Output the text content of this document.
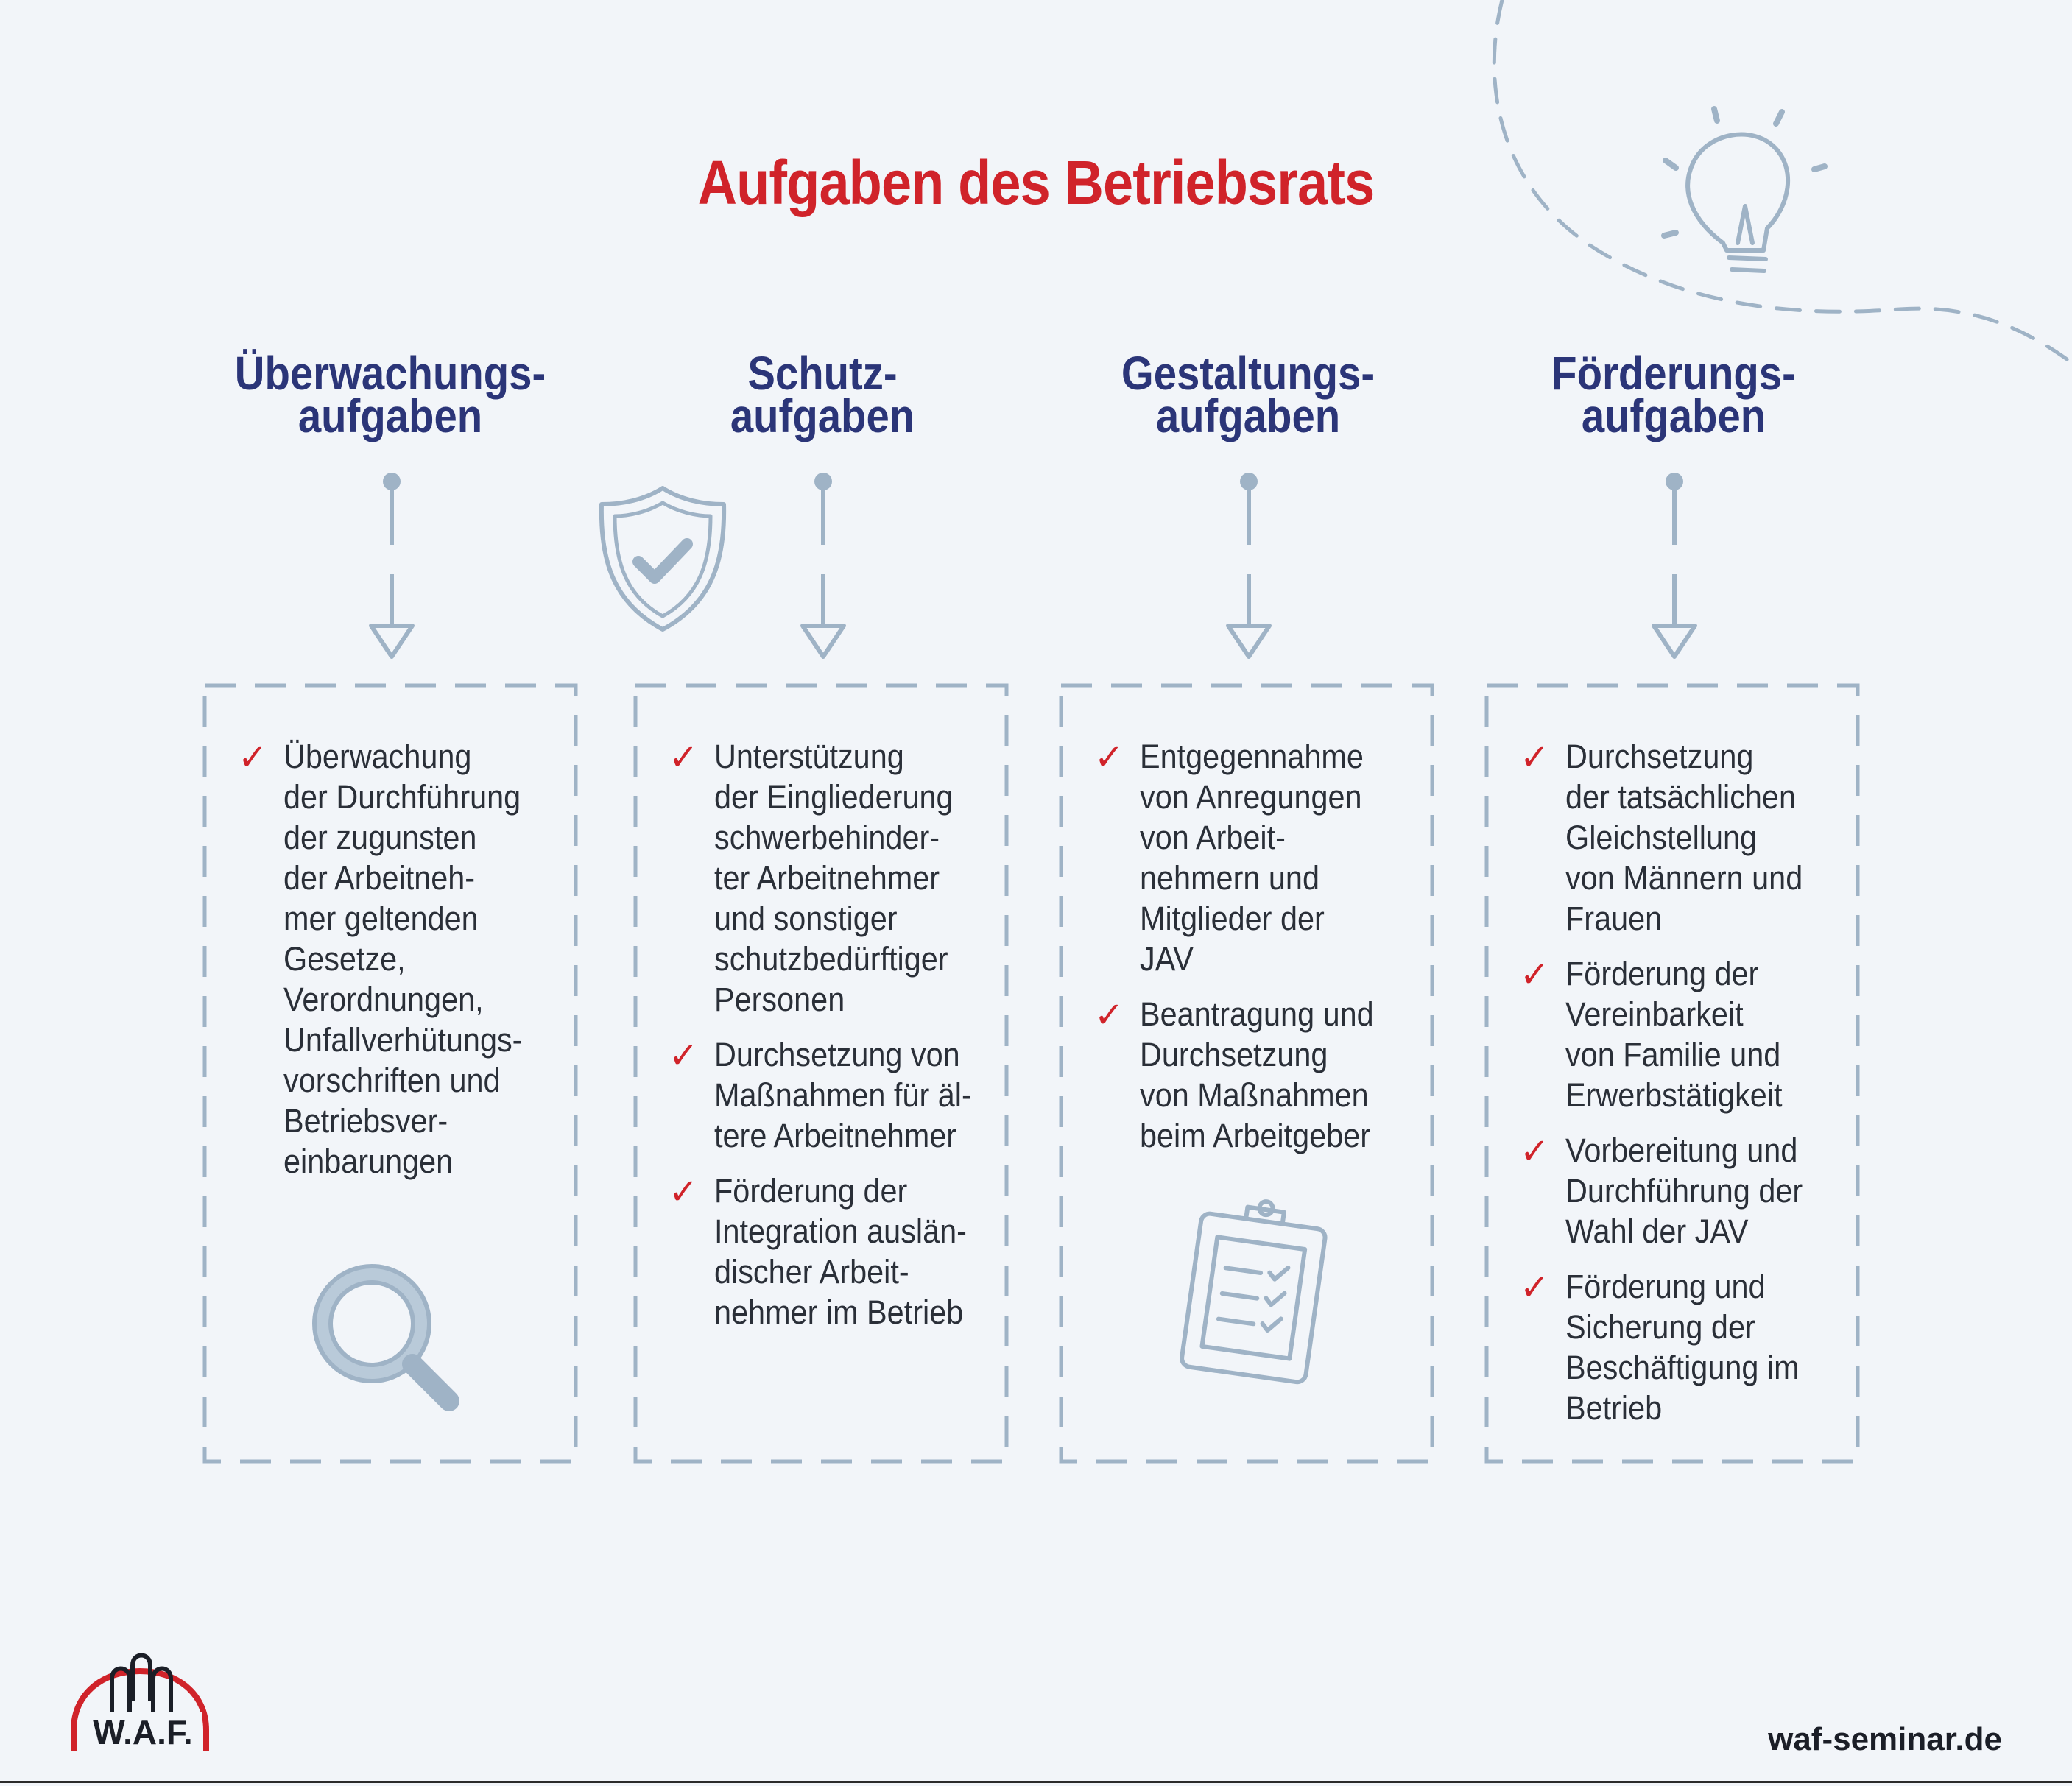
Aufgaben des Betriebsrats
Überwachungs-
aufgaben
✓ Überwachung
der Durchführung
der zugunsten
der Arbeitneh-
mer geltenden
Gesetze,
Verordnungen,
Unfallverhütungs-
vorschriften und
Betriebsver-
einbarungen
Schutz-
aufgaben
✓ Unterstützung
der Eingliederung
schwerbehinder-
ter Arbeitnehmer
und sonstiger
schutzbedürftiger
Personen
✓ Durchsetzung von
Maßnahmen für äl-
tere Arbeitnehmer
✓ Förderung der
Integration auslän-
discher Arbeit-
nehmer im Betrieb
Gestaltungs-
aufgaben
✓ Entgegennahme
von Anregungen
von Arbeit-
nehmern und
Mitglieder der
JAV
✓ Beantragung und
Durchsetzung
von Maßnahmen
beim Arbeitgeber
Förderungs-
aufgaben
✓ Durchsetzung
der tatsächlichen
Gleichstellung
von Männern und
Frauen
✓ Förderung der
Vereinbarkeit
von Familie und
Erwerbstätigkeit
✓ Vorbereitung und
Durchführung der
Wahl der JAV
✓ Förderung und
Sicherung der
Beschäftigung im
Betrieb
W.A.F.	waf-seminar.de
